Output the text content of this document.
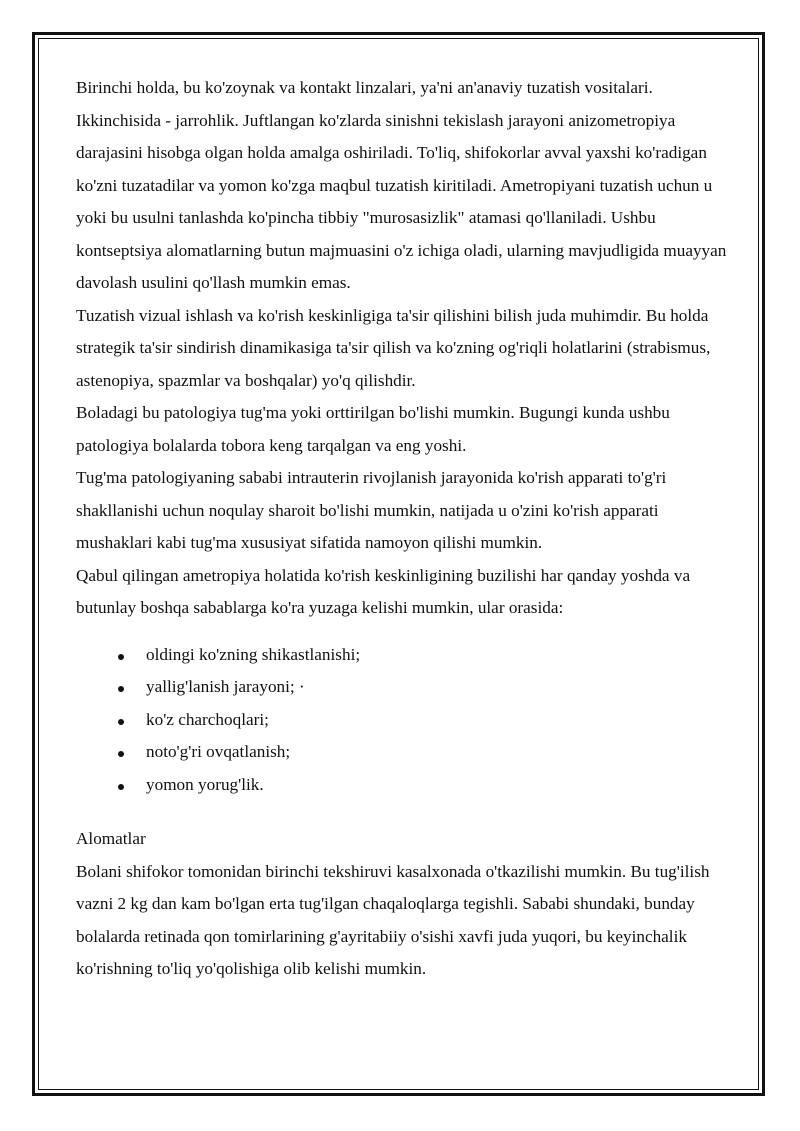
Birinchi holda, bu ko'zoynak va kontakt linzalari, ya'ni an'anaviy tuzatish vositalari. Ikkinchisida - jarrohlik. Juftlangan ko'zlarda sinishni tekislash jarayoni anizometropiya darajasini hisobga olgan holda amalga oshiriladi. To'liq, shifokorlar avval yaxshi ko'radigan ko'zni tuzatadilar va yomon ko'zga maqbul tuzatish kiritiladi. Ametropiyani tuzatish uchun u yoki bu usulni tanlashda ko'pincha tibbiy "murosasizlik" atamasi qo'llaniladi. Ushbu kontseptsiya alomatlarning butun majmuasini o'z ichiga oladi, ularning mavjudligida muayyan davolash usulini qo'llash mumkin emas.

Tuzatish vizual ishlash va ko'rish keskinligiga ta'sir qilishini bilish juda muhimdir. Bu holda strategik ta'sir sindirish dinamikasiga ta'sir qilish va ko'zning og'riqli holatlarini (strabismus, astenopiya, spazmlar va boshqalar) yo'q qilishdir.

Boladagi bu patologiya tug'ma yoki orttirilgan bo'lishi mumkin. Bugungi kunda ushbu patologiya bolalarda tobora keng tarqalgan va eng yoshi.

Tug'ma patologiyaning sababi intrauterin rivojlanish jarayonida ko'rish apparati to'g'ri shakllanishi uchun noqulay sharoit bo'lishi mumkin, natijada u o'zini ko'rish apparati mushaklari kabi tug'ma xususiyat sifatida namoyon qilishi mumkin.

Qabul qilingan ametropiya holatida ko'rish keskinligining buzilishi har qanday yoshda va butunlay boshqa sabablarga ko'ra yuzaga kelishi mumkin, ular orasida:

oldingi ko'zning shikastlanishi;
yallig'lanish jarayoni; ·
ko'z charchoqlari;
noto'g'ri ovqatlanish;
yomon yorug'lik.

Alomatlar

Bolani shifokor tomonidan birinchi tekshiruvi kasalxonada o'tkazilishi mumkin. Bu tug'ilish vazni 2 kg dan kam bo'lgan erta tug'ilgan chaqaloqlarga tegishli. Sababi shundaki, bunday bolalarda retinada qon tomirlarining g'ayritabiiy o'sishi xavfi juda yuqori, bu keyinchalik ko'rishning to'liq yo'qolishiga olib kelishi mumkin.
